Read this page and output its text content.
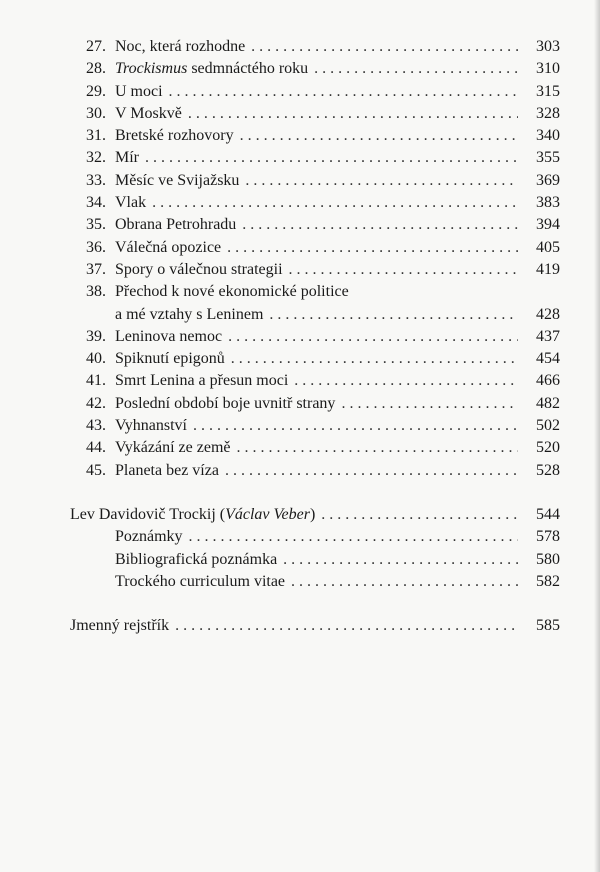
27. Noc, která rozhodne . . .	303
28. Trockismus sedmnáctého roku . . .	310
29. U moci . . .	315
30. V Moskvě . . .	328
31. Bretské rozhovory . . .	340
32. Mír . . .	355
33. Měsíc ve Svijažsku . . .	369
34. Vlak . . .	383
35. Obrana Petrohradu . . .	394
36. Válečná opozice . . .	405
37. Spory o válečnou strategii . . .	419
38. Přechod k nové ekonomické politice
a mé vztahy s Leninem . . .	428
39. Leninova nemoc . . .	437
40. Spiknutí epigonů . . .	454
41. Smrt Lenina a přesun moci . . .	466
42. Poslední období boje uvnitř strany . . .	482
43. Vyhnanství . . .	502
44. Vykázání ze země . . .	520
45. Planeta bez víza . . .	528
Lev Davidovič Trockij (Václav Veber) . . .	544
Poznámky . . .	578
Bibliografická poznámka . . .	580
Trockého curriculum vitae . . .	582
Jmenný rejstřík . . .	585
